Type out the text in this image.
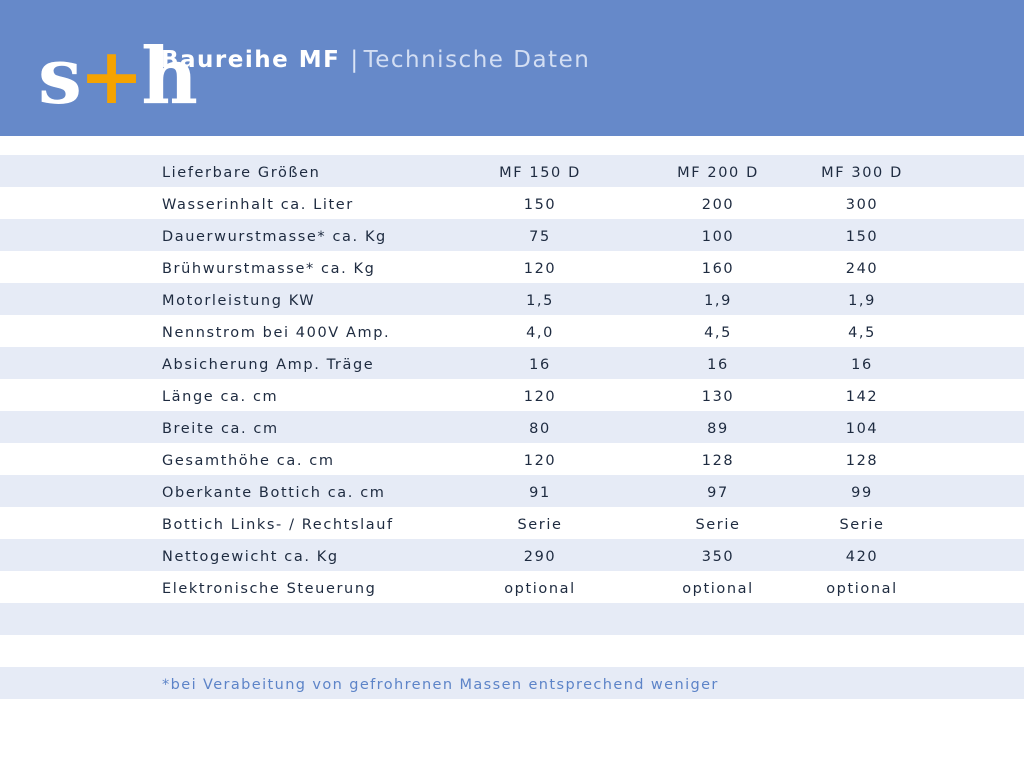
s+h
Baureihe MF | Technische Daten
Lieferbare Größen	MF 150 D	MF 200 D	MF 300 D
Wasserinhalt ca. Liter	150	200	300
Dauerwurstmasse* ca. Kg	75	100	150
Brühwurstmasse* ca. Kg	120	160	240
Motorleistung KW	1,5	1,9	1,9
Nennstrom bei 400V Amp.	4,0	4,5	4,5
Absicherung Amp. Träge	16	16	16
Länge ca. cm	120	130	142
Breite ca. cm	80	89	104
Gesamthöhe ca. cm	120	128	128
Oberkante Bottich ca. cm	91	97	99
Bottich Links- / Rechtslauf	Serie	Serie	Serie
Nettogewicht ca. Kg	290	350	420
Elektronische Steuerung	optional	optional	optional
*bei Verabeitung von gefrohrenen Massen entsprechend weniger
